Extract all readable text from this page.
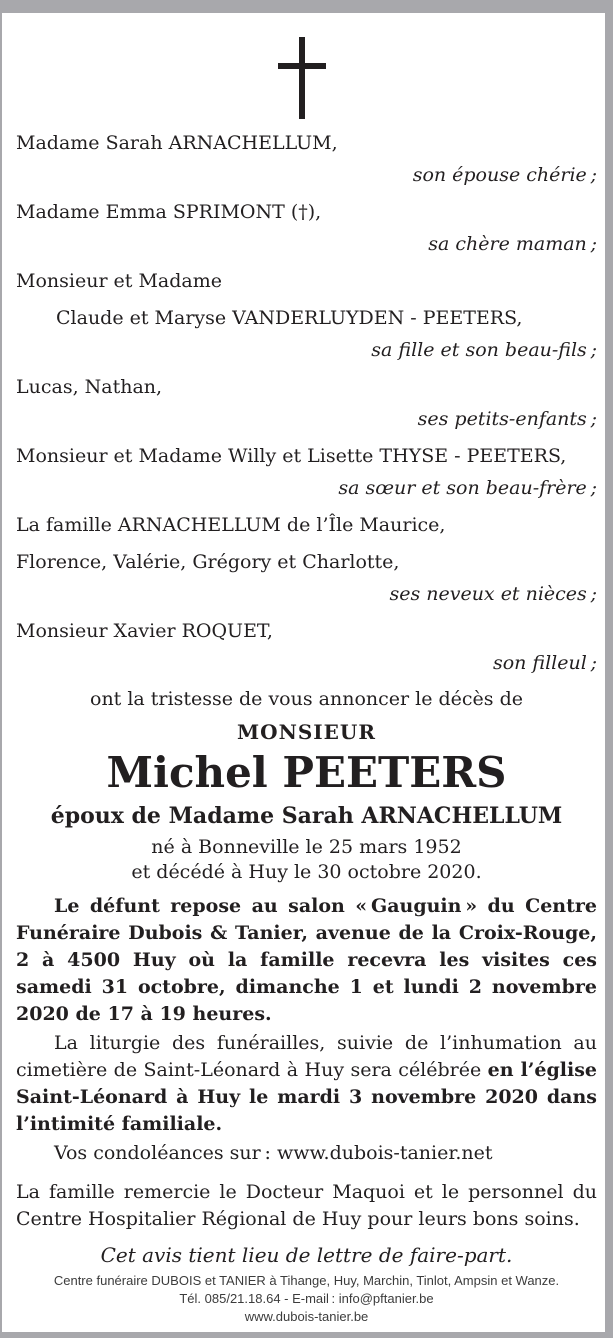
Madame Sarah ARNACHELLUM,
son épouse chérie ;
Madame Emma SPRIMONT (†),
sa chère maman ;
Monsieur et Madame
Claude et Maryse VANDERLUYDEN - PEETERS,
sa fille et son beau-fils ;
Lucas, Nathan,
ses petits-enfants ;
Monsieur et Madame Willy et Lisette THYSE - PEETERS,
sa sœur et son beau-frère ;
La famille ARNACHELLUM de l’Île Maurice,
Florence, Valérie, Grégory et Charlotte,
ses neveux et nièces ;
Monsieur Xavier ROQUET,
son filleul ;
ont la tristesse de vous annoncer le décès de
MONSIEUR
Michel PEETERS
époux de Madame Sarah ARNACHELLUM
né à Bonneville le 25 mars 1952
et décédé à Huy le 30 octobre 2020.

Le défunt repose au salon « Gauguin » du Centre Funéraire Dubois & Tanier, avenue de la Croix-Rouge, 2 à 4500 Huy où la famille recevra les visites ces samedi 31 octobre, dimanche 1 et lundi 2 novembre 2020 de 17 à 19 heures.

La liturgie des funérailles, suivie de l’inhumation au cimetière de Saint-Léonard à Huy sera célébrée en l’église Saint-Léonard à Huy le mardi 3 novembre 2020 dans l’intimité familiale.

Vos condoléances sur : www.dubois-tanier.net

La famille remercie le Docteur Maquoi et le personnel du Centre Hospitalier Régional de Huy pour leurs bons soins.

Cet avis tient lieu de lettre de faire-part.

Centre funéraire DUBOIS et TANIER à Tihange, Huy, Marchin, Tinlot, Ampsin et Wanze.
Tél. 085/21.18.64 - E-mail : info@pftanier.be
www.dubois-tanier.be
